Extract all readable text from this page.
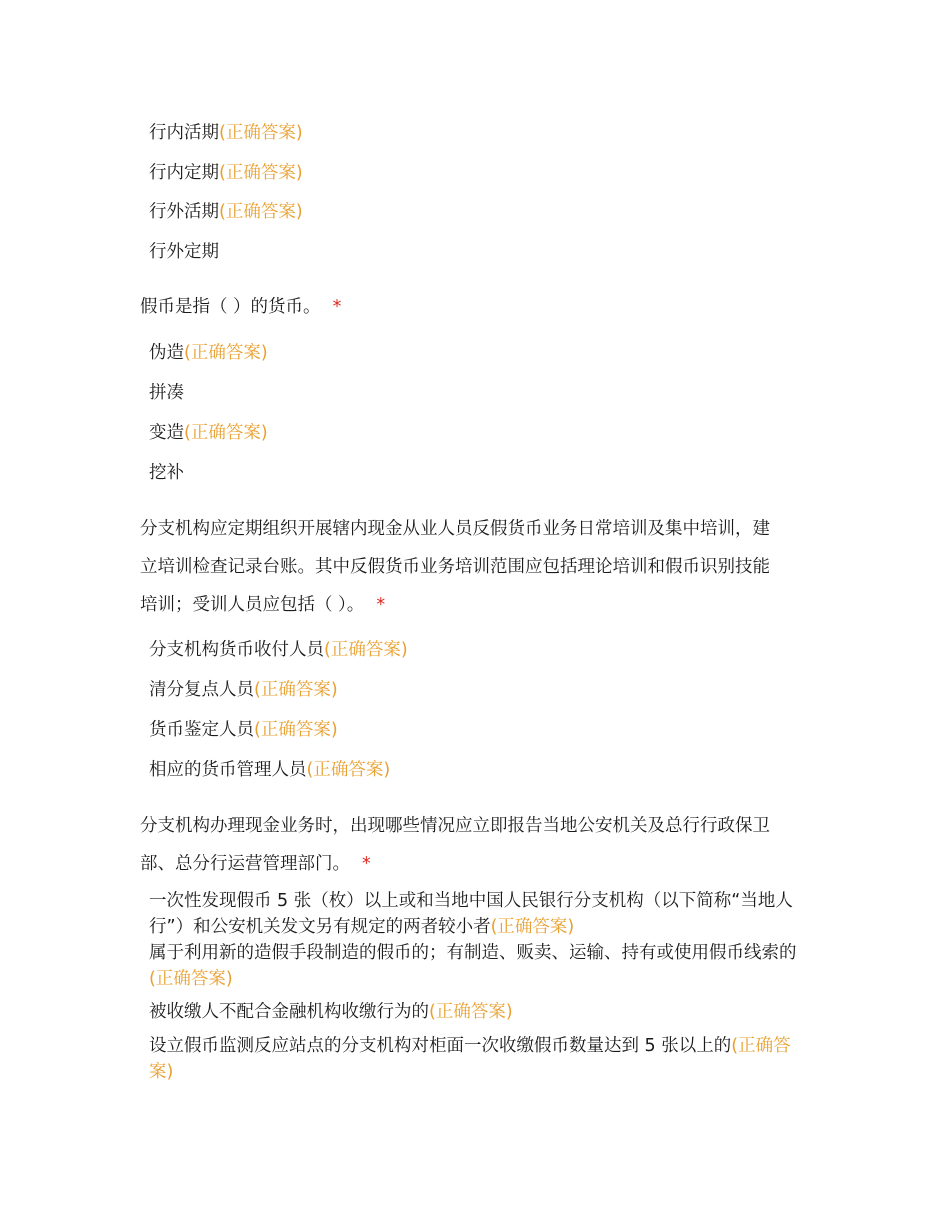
行内活期(正确答案)
行内定期(正确答案)
行外活期(正确答案)
行外定期
假币是指（ ）的货币。 *
伪造(正确答案)
拼凑
变造(正确答案)
挖补
分支机构应定期组织开展辖内现金从业人员反假货币业务日常培训及集中培训，建
立培训检查记录台账。其中反假货币业务培训范围应包括理论培训和假币识别技能
培训；受训人员应包括（ ）。 *
分支机构货币收付人员(正确答案)
清分复点人员(正确答案)
货币鉴定人员(正确答案)
相应的货币管理人员(正确答案)
分支机构办理现金业务时，出现哪些情况应立即报告当地公安机关及总行行政保卫
部、总分行运营管理部门。 *
一次性发现假币 5 张（枚）以上或和当地中国人民银行分支机构（以下简称“当地人行”）和公安机关发文另有规定的两者较小者(正确答案)
属于利用新的造假手段制造的假币的；有制造、贩卖、运输、持有或使用假币线索的(正确答案)
被收缴人不配合金融机构收缴行为的(正确答案)
设立假币监测反应站点的分支机构对柜面一次收缴假币数量达到 5 张以上的(正确答案)
